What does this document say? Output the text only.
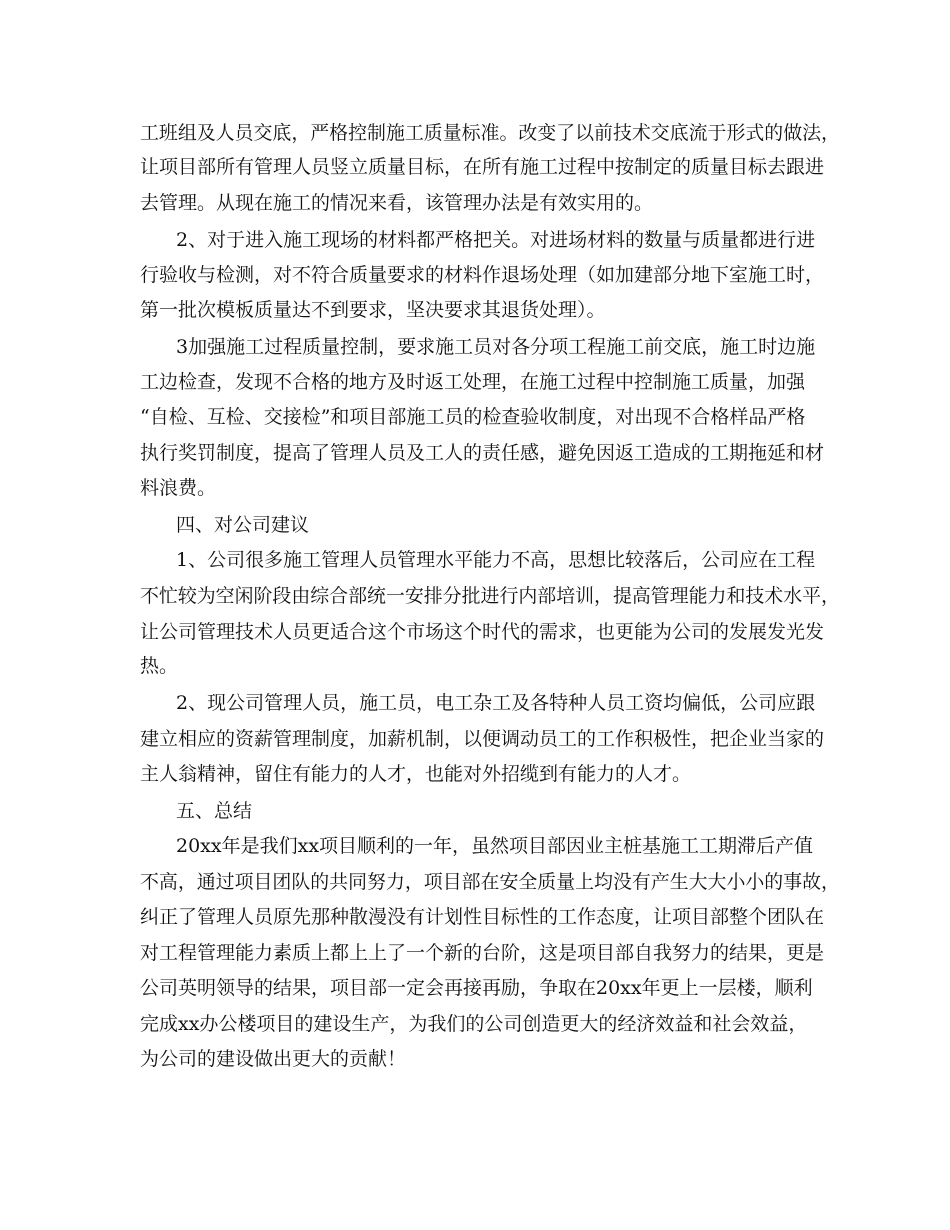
工班组及人员交底，严格控制施工质量标准。改变了以前技术交底流于形式的做法，
让项目部所有管理人员竖立质量目标，在所有施工过程中按制定的质量目标去跟进
去管理。从现在施工的情况来看，该管理办法是有效实用的。
2、对于进入施工现场的材料都严格把关。对进场材料的数量与质量都进行进
行验收与检测，对不符合质量要求的材料作退场处理（如加建部分地下室施工时，
第一批次模板质量达不到要求，坚决要求其退货处理）。
3加强施工过程质量控制，要求施工员对各分项工程施工前交底，施工时边施
工边检查，发现不合格的地方及时返工处理，在施工过程中控制施工质量，加强
“自检、互检、交接检”和项目部施工员的检查验收制度，对出现不合格样品严格
执行奖罚制度，提高了管理人员及工人的责任感，避免因返工造成的工期拖延和材
料浪费。
四、对公司建议
1、公司很多施工管理人员管理水平能力不高，思想比较落后，公司应在工程
不忙较为空闲阶段由综合部统一安排分批进行内部培训，提高管理能力和技术水平，
让公司管理技术人员更适合这个市场这个时代的需求，也更能为公司的发展发光发
热。
2、现公司管理人员，施工员，电工杂工及各特种人员工资均偏低，公司应跟
建立相应的资薪管理制度，加薪机制，以便调动员工的工作积极性，把企业当家的
主人翁精神，留住有能力的人才，也能对外招缆到有能力的人才。
五、总结
20xx年是我们xx项目顺利的一年，虽然项目部因业主桩基施工工期滞后产值
不高，通过项目团队的共同努力，项目部在安全质量上均没有产生大大小小的事故，
纠正了管理人员原先那种散漫没有计划性目标性的工作态度，让项目部整个团队在
对工程管理能力素质上都上上了一个新的台阶，这是项目部自我努力的结果，更是
公司英明领导的结果，项目部一定会再接再励，争取在20xx年更上一层楼，顺利
完成xx办公楼项目的建设生产，为我们的公司创造更大的经济效益和社会效益，
为公司的建设做出更大的贡献！
